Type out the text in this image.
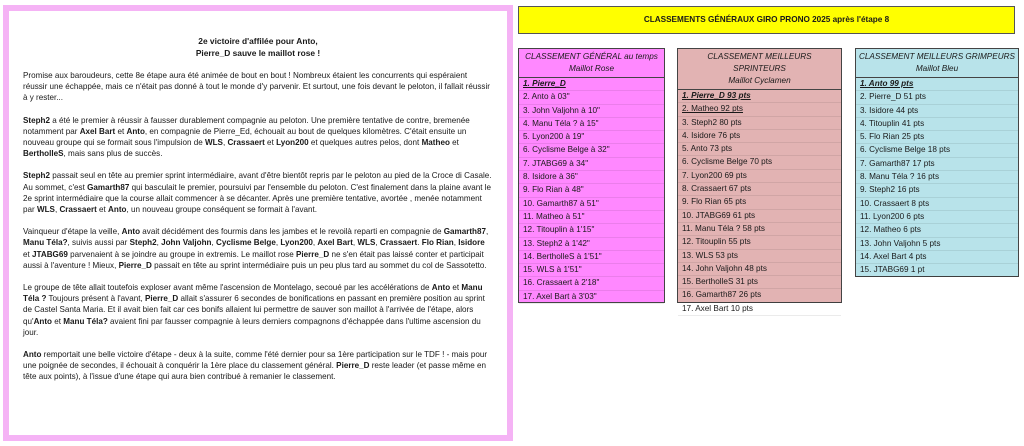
2e victoire d'affilée pour Anto,
Pierre_D sauve le maillot rose !

Promise aux baroudeurs, cette 8e étape aura été animée de bout en bout ! Nombreux étaient les concurrents qui espéraient réussir une échappée, mais ce n'était pas donné à tout le monde d'y parvenir. Et surtout, une fois devant le peloton, il fallait réussir à y rester...

Steph2 a été le premier à réussir à fausser durablement compagnie au peloton. Une première tentative de contre, bremenée notamment par Axel Bart et Anto, en compagnie de Pierre_Ed, échouait au bout de quelques kilomètres. C'était ensuite un nouveau groupe qui se formait sous l'impulsion de WLS, Crassaert et Lyon200 et quelques autres pelos, dont Matheo et BertholleS, mais sans plus de succès.

Steph2 passait seul en tête au premier sprint intermédiaire, avant d'être bientôt repris par le peloton au pied de la Croce di Casale. Au sommet, c'est Gamarth87 qui basculait le premier, poursuivi par l'ensemble du peloton. C'est finalement dans la plaine avant le 2e sprint intermédiaire que la course allait commencer à se décanter. Après une première tentative, avortée , menée notamment par WLS, Crassaert et Anto, un nouveau groupe conséquent se formait à l'avant.

Vainqueur d'étape la veille, Anto avait décidément des fourmis dans les jambes et le revoilà reparti en compagnie de Gamarth87, Manu Téla?, suivis aussi par Steph2, John Valjohn, Cyclisme Belge, Lyon200, Axel Bart, WLS, Crassaert. Flo Rian, Isidore et JTABG69 parvenaient à se joindre au groupe in extremis. Le maillot rose Pierre_D ne s'en était pas laissé conter et participait aussi à l'aventure ! Mieux, Pierre_D passait en tête au sprint intermédiaire puis un peu plus tard au sommet du col de Sassotetto.

Le groupe de tête allait toutefois exploser avant même l'ascension de Montelago, secoué par les accélérations de Anto et Manu Téla ? Toujours présent à l'avant, Pierre_D allait s'assurer 6 secondes de bonifications en passant en première position au sprint de Castel Santa Maria. Et il avait bien fait car ces bonifs allaient lui permettre de sauver son maillot à l'arrivée de l'étape, alors qu'Anto et Manu Téla? avaient fini par fausser compagnie à leurs derniers compagnons d'échappée dans l'ultime ascension du jour.

Anto remportait une belle victoire d'étape - deux à la suite, comme l'été dernier pour sa 1ère participation sur le TDF ! - mais pour une poignée de secondes, il échouait à conquérir la 1ère place du classement général. Pierre_D reste leader (et passe même en tête aux points), à l'issue d'une étape qui aura bien contribué à remanier le classement.

CLASSEMENTS GÉNÉRAUX GIRO PRONO 2025 après l'étape 8
CLASSEMENT GÉNÉRAL au temps
Maillot Rose
1. Pierre_D
2. Anto à 03"
3. John Valjohn à 10"
4. Manu Téla ? à 15"
5. Lyon200 à 19"
6. Cyclisme Belge à 32"
7. JTABG69 à 34"
8. Isidore à 36"
9. Flo Rian à 48"
10. Gamarth87 à 51"
11. Matheo à 51"
12. Titouplin à 1'15"
13. Steph2 à 1'42"
14. BertholleS à 1'51"
15. WLS à 1'51"
16. Crassaert à 2'18"
17. Axel Bart à 3'03"
CLASSEMENT MEILLEURS SPRINTEURS
Maillot Cyclamen
1. Pierre_D 93 pts
2. Matheo 92 pts
3. Steph2 80 pts
4. Isidore 76 pts
5. Anto 73 pts
6. Cyclisme Belge 70 pts
7. Lyon200 69 pts
8. Crassaert 67 pts
9. Flo Rian 65 pts
10. JTABG69 61 pts
11. Manu Téla ? 58 pts
12. Titouplin 55 pts
13. WLS 53 pts
14. John Valjohn 48 pts
15. BertholleS 31 pts
16. Gamarth87 26 pts
17. Axel Bart 10 pts
CLASSEMENT MEILLEURS GRIMPEURS
Maillot Bleu
1. Anto 99 pts
2. Pierre_D 51 pts
3. Isidore 44 pts
4. Titouplin 41 pts
5. Flo Rian 25 pts
6. Cyclisme Belge 18 pts
7. Gamarth87 17 pts
8. Manu Téla ? 16 pts
9. Steph2 16 pts
10. Crassaert 8 pts
11. Lyon200 6 pts
12. Matheo 6 pts
13. John Valjohn 5 pts
14. Axel Bart 4 pts
15. JTABG69 1 pt
